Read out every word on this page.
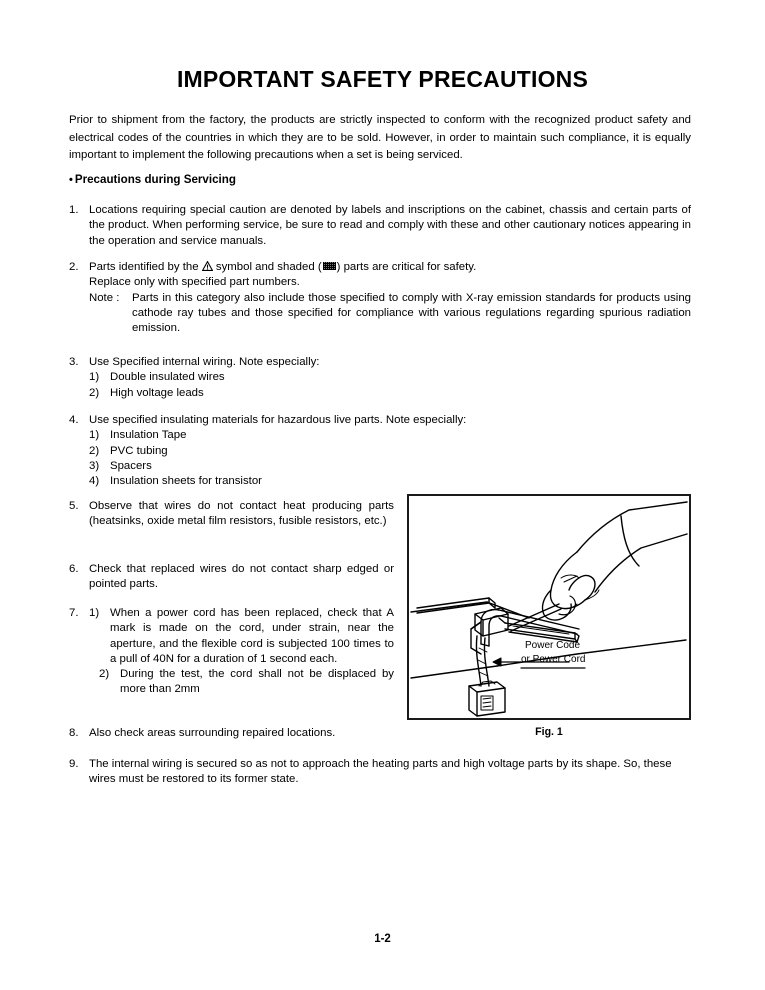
IMPORTANT SAFETY PRECAUTIONS

Prior to shipment from the factory, the products are strictly inspected to conform with the recognized product safety and electrical codes of the countries in which they are to be sold. However, in order to maintain such compliance, it is equally important to implement the following precautions when a set is being serviced.

• Precautions during Servicing
1. Locations requiring special caution are denoted by labels and inscriptions on the cabinet, chassis and certain parts of the product. When performing service, be sure to read and comply with these and other cautionary notices appearing in the operation and service manuals.
2. Parts identified by the symbol and shaded ( ) parts are critical for safety.
Replace only with specified part numbers.
Note :	Parts in this category also include those specified to comply with X-ray emission standards for products using cathode ray tubes and those specified for compliance with various regulations regarding spurious radiation emission.
3. Use Specified internal wiring. Note especially:
1) Double insulated wires
2) High voltage leads
4. Use specified insulating materials for hazardous live parts. Note especially:
1) Insulation Tape
2) PVC tubing
3) Spacers
4) Insulation sheets for transistor
5. Observe that wires do not contact heat producing parts (heatsinks, oxide metal film resistors, fusible resistors, etc.)
6. Check that replaced wires do not contact sharp edged or pointed parts.
7. 1) When a power cord has been replaced, check that A mark is made on the cord, under strain, near the aperture, and the flexible cord is subjected 100 times to a pull of 40N for a duration of 1 second each.
2) During the test, the cord shall not be displaced by more than 2mm
8. Also check areas surrounding repaired locations.
9. The internal wiring is secured so as not to approach the heating parts and high voltage parts by its shape. So, these wires must be restored to its former state.
Power Code
or Power Cord
Fig. 1
1-2
